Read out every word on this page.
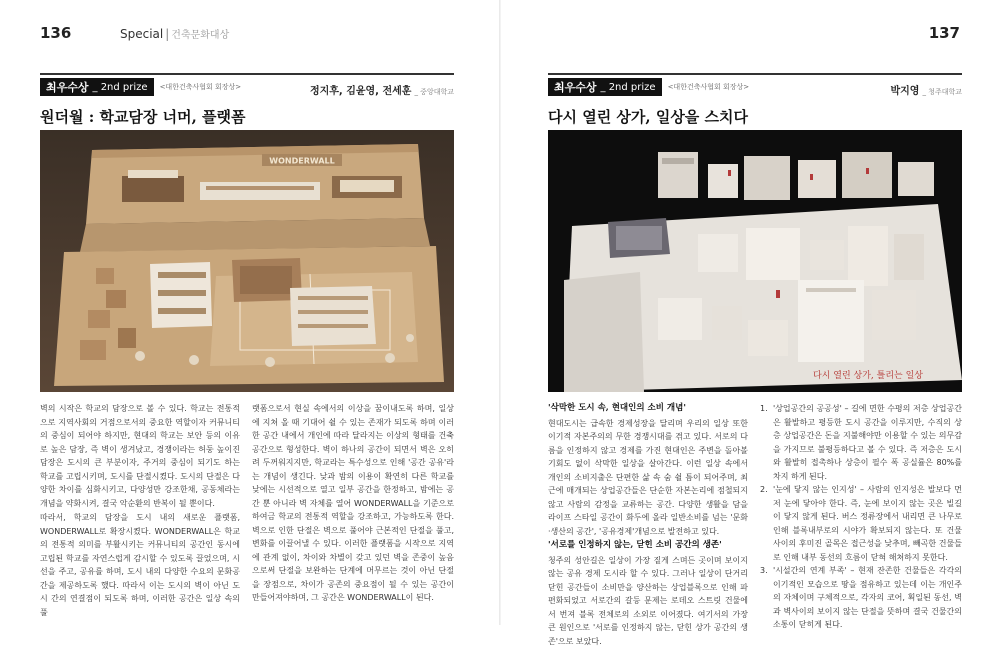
136	Special | 건축문화대상
최우수상 _ 2nd prize <대한건축사협회 회장상>	정지후, 김윤영, 전세훈 _ 중앙대학교
원더월 : 학교담장 너머, 플랫폼
WONDERWALL

벽의 시작은 학교의 담장으로 볼 수 있다. 학교는 전통적으로 지역사회의 거점으로서의 중요한 역할이자 커뮤니티의 중심이 되어야 하지만, 현대의 학교는 보안 등의 이유로 높은 담장, 즉 벽이 생겨났고, 경쟁이라는 허둥 높이진 담장은 도시의 큰 부분이자, 주거의 중심이 되기도 하는 학교를 고립시키며, 도시를 단절시켰다. 도시의 단절은 다양한 차이를 심화시키고, 다양성만 강조한채, 공동체라는 개념을 약화시켜, 결국 악순환의 반복이 될 뿐이다.

따라서, 학교의 담장을 도시 내의 새로운 플랫폼, WONDERWALL로 확장시켰다. WONDERWALL은 학교의 전통적 의미를 부활시키는 커뮤니티의 공간인 동시에 고립된 학교를 자연스럽게 감시할 수 있도록 끌었으며, 시선을 주고, 공유를 하며, 도시 내의 다양한 수요의 문화공간을 제공하도록 했다. 따라서 이는 도시의 벽이 아닌 도시 간의 연결점이 되도록 하며, 이러한 공간은 일상 속의 풀

랫폼으로서 현실 속에서의 이상을 꿈이내도록 하며, 일상에 지쳐 올 때 기대어 쉴 수 있는 존재가 되도록 하며 이러한 공간 내에서 개인에 따라 달라지는 이상의 형태를 건축 공간으로 형성한다. 벽이 하나의 공간이 되면서 벽은 오히려 두꺼워지지만, 학교라는 특수성으로 인해 '공간 공유'라는 개념이 생긴다. 낮과 밤의 이용이 확연히 다른 학교를 낮에는 시선적으로 열고 일부 공간을 한정하고, 밤에는 공간 뿐 아니라 벽 자체를 열어 WONDERWALL을 기준으로 하여금 학교의 전통적 역할을 강조하고, 가능하도록 한다. 벽으로 인한 단절은 벽으로 풀어야 근본적인 단절을 풀고, 변화를 이끌어낼 수 있다. 이러한 플랫폼을 시작으로 지역에 관계 없이, 차이와 차별이 갖고 있던 벽을 존중이 높음으로써 단절을 보완하는 단계에 머무르는 것이 아닌 단절을 장점으로, 차이가 공존의 중요점이 될 수 있는 공간이 만들어져야하며, 그 공간은 WONDERWALL이 된다.

137
최우수상 _ 2nd prize <대한건축사협회 회장상>	박지영 _ 청주대학교
다시 열린 상가, 일상을 스치다
다시 열린 상가, 틀리는 일상

'삭막한 도시 속, 현대인의 소비 개념'

현대도시는 급속한 경제성장을 달리며 우리의 일상 또한 이기적 자본주의의 무한 경쟁시대를 겪고 있다. 서로의 다름을 인정하지 않고 경제를 가진 현대인은 주변을 돌아볼 기회도 없이 삭막한 일상을 살아간다. 이런 일상 속에서 개인의 소비지출은 단편한 삶 속 숨 쉴 틈이 되어주며, 최근에 매개되는 상업공간들은 단순한 자본논리에 점철되지 않고 사람의 감정을 교류하는 공간. 다양한 생활을 담을 라이프 스타일 공간이 화두에 올라 일반소비를 넘는 '문화·생산의 공간', '공유경제'개념으로 발전하고 있다.

'서로를 인정하지 않는, 닫힌 소비 공간의 생존'

청주의 성안길은 일상이 가장 짙게 스며든 곳이며 보이지 않는 공유 경제 도시라 할 수 있다. 그러나 일상이 단거리 닫힌 공간들이 소비만을 양산하는 상업블록으로 인해 파편화되었고 서로간의 갈등 문제는 로데오 스트릿 건물에서 번져 블록 전체로의 소외로 이어졌다. 여기서의 가장 큰 원인으로 '서로를 인정하지 않는, 닫힌 상가 공간의 생존'으로 보았다.

1. '상업공간의 공공성' – 길에 면한 수평의 저층 상업공간은 활발하고 평등한 도시 공간을 이루지만, 수직의 상층 상업공간은 돈을 지불해야만 이용할 수 있는 의무감을 가지므로 불평등하다고 볼 수 있다. 즉 저층은 도시와 활발히 접촉하나 상층이 필수 폭 공실률은 80%를 차지 하게 된다.
2. '눈에 닿지 않는 인지성' – 사람의 인지성은 발보다 먼저 눈에 닿아야 한다. 즉, 눈에 보이지 않는 곳은 빌길이 닿지 않게 된다. 버스 정류장에서 내리면 큰 나무로 인해 블록내부로의 시야가 확보되지 않는다. 또 건물 사이의 후미진 골목은 접근성을 낮추며, 빼곡한 건물들로 인해 내부 동선의 흐름이 닫혀 해쳐하지 못한다.
3. '시설간의 연계 부족' – 현재 잔존한 건물들은 각각의 이기적인 모습으로 땅을 점유하고 있는데 이는 개인주의 자체이며 구체적으로, 각자의 코어, 획일된 동선, 벽과 벽사이의 보이지 않는 단절을 뜻하며 결국 건물간의 소통이 닫히게 된다.
